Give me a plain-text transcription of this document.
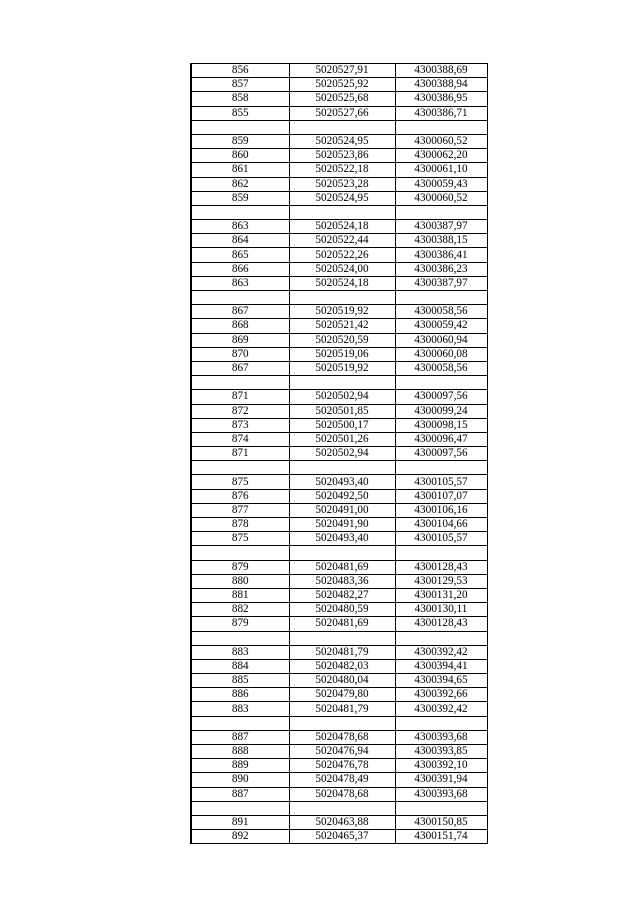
856	5020527,91	4300388,69
857	5020525,92	4300388,94
858	5020525,68	4300386,95
855	5020527,66	4300386,71

859	5020524,95	4300060,52
860	5020523,86	4300062,20
861	5020522,18	4300061,10
862	5020523,28	4300059,43
859	5020524,95	4300060,52

863	5020524,18	4300387,97
864	5020522,44	4300388,15
865	5020522,26	4300386,41
866	5020524,00	4300386,23
863	5020524,18	4300387,97

867	5020519,92	4300058,56
868	5020521,42	4300059,42
869	5020520,59	4300060,94
870	5020519,06	4300060,08
867	5020519,92	4300058,56

871	5020502,94	4300097,56
872	5020501,85	4300099,24
873	5020500,17	4300098,15
874	5020501,26	4300096,47
871	5020502,94	4300097,56

875	5020493,40	4300105,57
876	5020492,50	4300107,07
877	5020491,00	4300106,16
878	5020491,90	4300104,66
875	5020493,40	4300105,57

879	5020481,69	4300128,43
880	5020483,36	4300129,53
881	5020482,27	4300131,20
882	5020480,59	4300130,11
879	5020481,69	4300128,43

883	5020481,79	4300392,42
884	5020482,03	4300394,41
885	5020480,04	4300394,65
886	5020479,80	4300392,66
883	5020481,79	4300392,42

887	5020478,68	4300393,68
888	5020476,94	4300393,85
889	5020476,78	4300392,10
890	5020478,49	4300391,94
887	5020478,68	4300393,68

891	5020463,88	4300150,85
892	5020465,37	4300151,74
